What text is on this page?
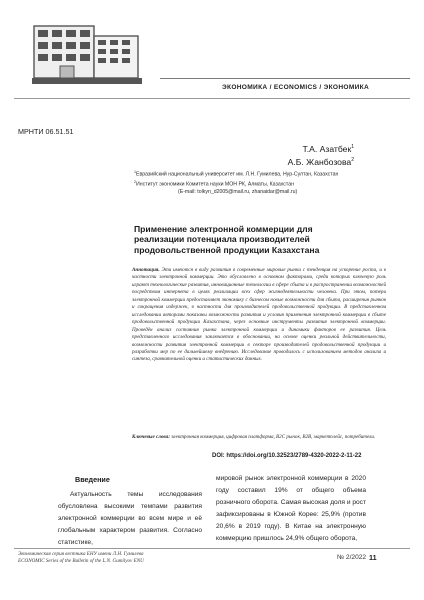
ЭКОНОМИКА / ECONOMICS / ЭКОНОМИКА
МРНТИ 06.51.51
Т.А. Азатбек$^1$
А.Б. Жанбозова$^2$
$^1$Евразийский национальный университет им. Л.Н. Гумилева, Нур-Султан, Казахстан
$^2$Институт экономики Комитета науки МОН РК, Алматы, Казахстан
(E-mail: tolkyn_d2005@mail.ru, zhanaidar@mail.ru)
Применение электронной коммерции для реализации потенциала производителей продовольственной продукции Казахстана
Аннотация. Эти имеются в виду развития в современные мировые рынки с тенденция на ускорение роста, и в частности электронной коммерции. Это обусловлено в основном факторами, среди которых ключевую роль играют технологические развития, инновационные технологии в сфере сбыта и в распространении возможностей посредством интернета в целях реализации всех сфер жизнедеятельности человека. При этом, потери электронной коммерции предоставляет экономику с бизнесом новые возможности для сбыта, расширения рынков и сокращения издержек, в частности для производителей продовольственной продукции. В представленном исследовании авторами показаны возможности развития и условия применения электронной коммерции в сбыте продовольственной продукции Казахстана, через основные инструменты развития электронной коммерции. Проведён анализ состояния рынка электронной коммерции и динамики факторов ее развития. Цель представленного исследования заключается в обосновании, на основе оценки реальной действительности, возможности развития электронной коммерции в секторе производителей продовольственной продукции и разработки мер по ее дальнейшему внедрению. Исследование проводилось с использованием методов анализа и синтеза, сравнительной оценки и статистических данных.
Ключевые слова: электронная коммерция, цифровая платформа, B2C рынок, B2B, маркетплейс, потребители.
DOI: https://doi.org/10.32523/2789-4320-2022-2-11-22
Введение
Актуальность темы исследования обусловлена высокими темпами развития электронной коммерции во всем мире и её глобальным характером развития. Согласно статистике,
мировой рынок электронной коммерции в 2020 году составил 19% от общего объема розничного оборота. Самая высокая доля и рост зафиксированы в Южной Корее: 25,9% (против 20,6% в 2019 году). В Китае на электронную коммерцию пришлось 24,9% общего оборота,
Экономическая серия вестника ЕНУ имени Л.Н. Гумилева
ECONOMIC Series of the Bulletin of the L.N. Gumilyov ENU	№ 2/2022 11
